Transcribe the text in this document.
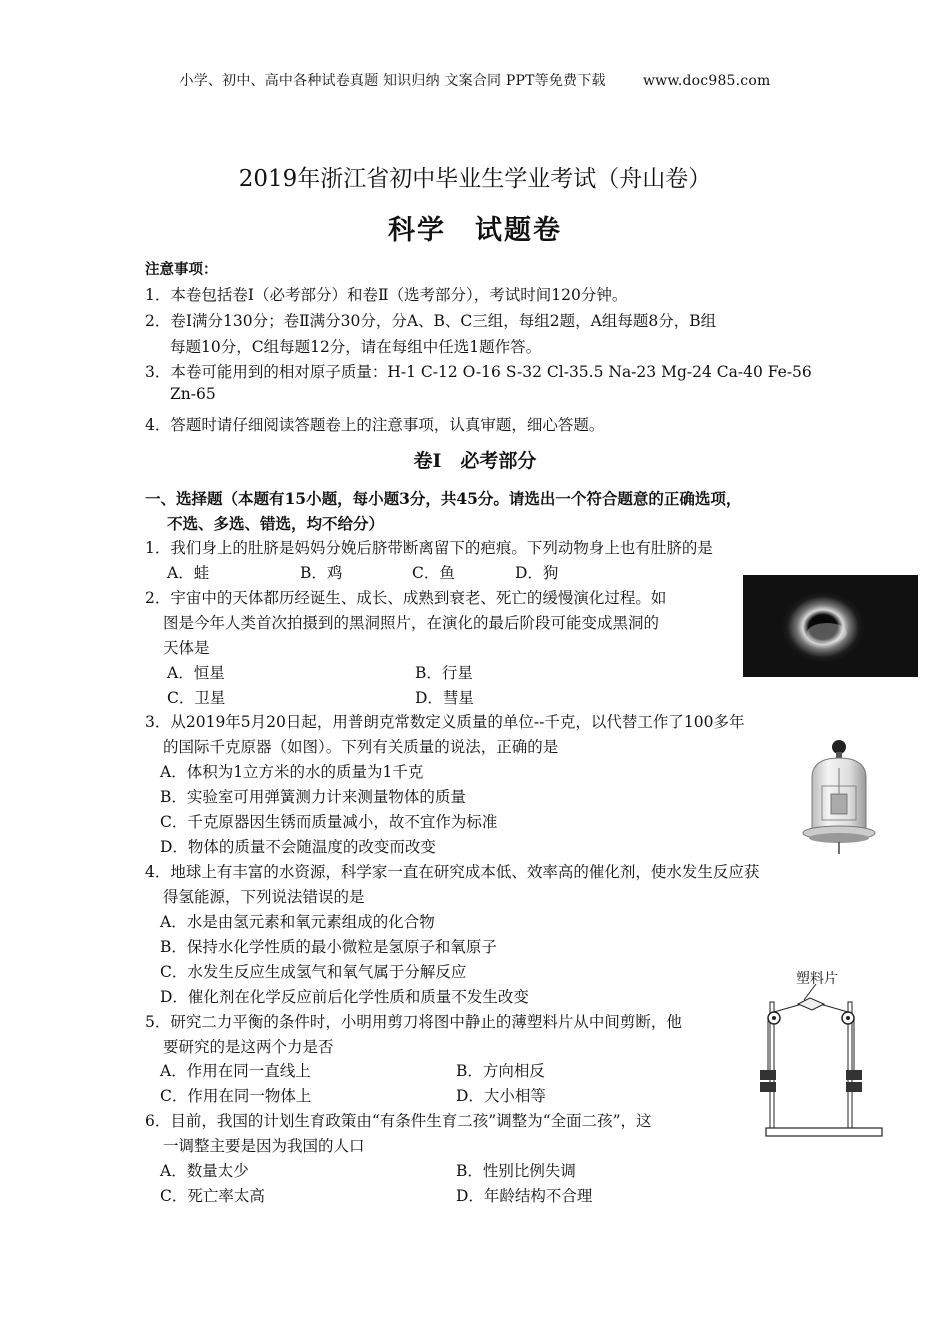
小学、初中、高中各种试卷真题 知识归纳 文案合同 PPT等免费下载	www.doc985.com
2019年浙江省初中毕业生学业考试（舟山卷）
科学　试题卷
注意事项：
1．本卷包括卷Ⅰ（必考部分）和卷Ⅱ（选考部分），考试时间120分钟。
2．卷Ⅰ满分130分；卷Ⅱ满分30分，分A、B、C三组，每组2题，A组每题8分，B组
每题10分，C组每题12分，请在每组中任选1题作答。
3．本卷可能用到的相对原子质量：H-1 C-12 O-16 S-32 Cl-35.5 Na-23 Mg-24 Ca-40 Fe-56
Zn-65
4．答题时请仔细阅读答题卷上的注意事项，认真审题，细心答题。
卷Ⅰ　必考部分
一、选择题（本题有15小题，每小题3分，共45分。请选出一个符合题意的正确选项，
不选、多选、错选，均不给分）
1．我们身上的肚脐是妈妈分娩后脐带断离留下的疤痕。下列动物身上也有肚脐的是
A．蛙	B．鸡	C．鱼	D．狗
2．宇宙中的天体都历经诞生、成长、成熟到衰老、死亡的缓慢演化过程。如
图是今年人类首次拍摄到的黑洞照片，在演化的最后阶段可能变成黑洞的
天体是
A．恒星	B．行星
C．卫星	D．彗星
3．从2019年5月20日起，用普朗克常数定义质量的单位--千克，以代替工作了100多年
的国际千克原器（如图）。下列有关质量的说法，正确的是
A．体积为1立方米的水的质量为1千克
B．实验室可用弹簧测力计来测量物体的质量
C．千克原器因生锈而质量减小，故不宜作为标准
D．物体的质量不会随温度的改变而改变
4．地球上有丰富的水资源，科学家一直在研究成本低、效率高的催化剂，使水发生反应获
得氢能源，下列说法错误的是
A．水是由氢元素和氧元素组成的化合物
B．保持水化学性质的最小微粒是氢原子和氧原子
C．水发生反应生成氢气和氧气属于分解反应
D．催化剂在化学反应前后化学性质和质量不发生改变
5．研究二力平衡的条件时，小明用剪刀将图中静止的薄塑料片从中间剪断，他
要研究的是这两个力是否
A．作用在同一直线上	B．方向相反
C．作用在同一物体上	D．大小相等
塑料片
6．目前，我国的计划生育政策由“有条件生育二孩”调整为“全面二孩”，这
一调整主要是因为我国的人口
A．数量太少	B．性别比例失调
C．死亡率太高	D．年龄结构不合理
